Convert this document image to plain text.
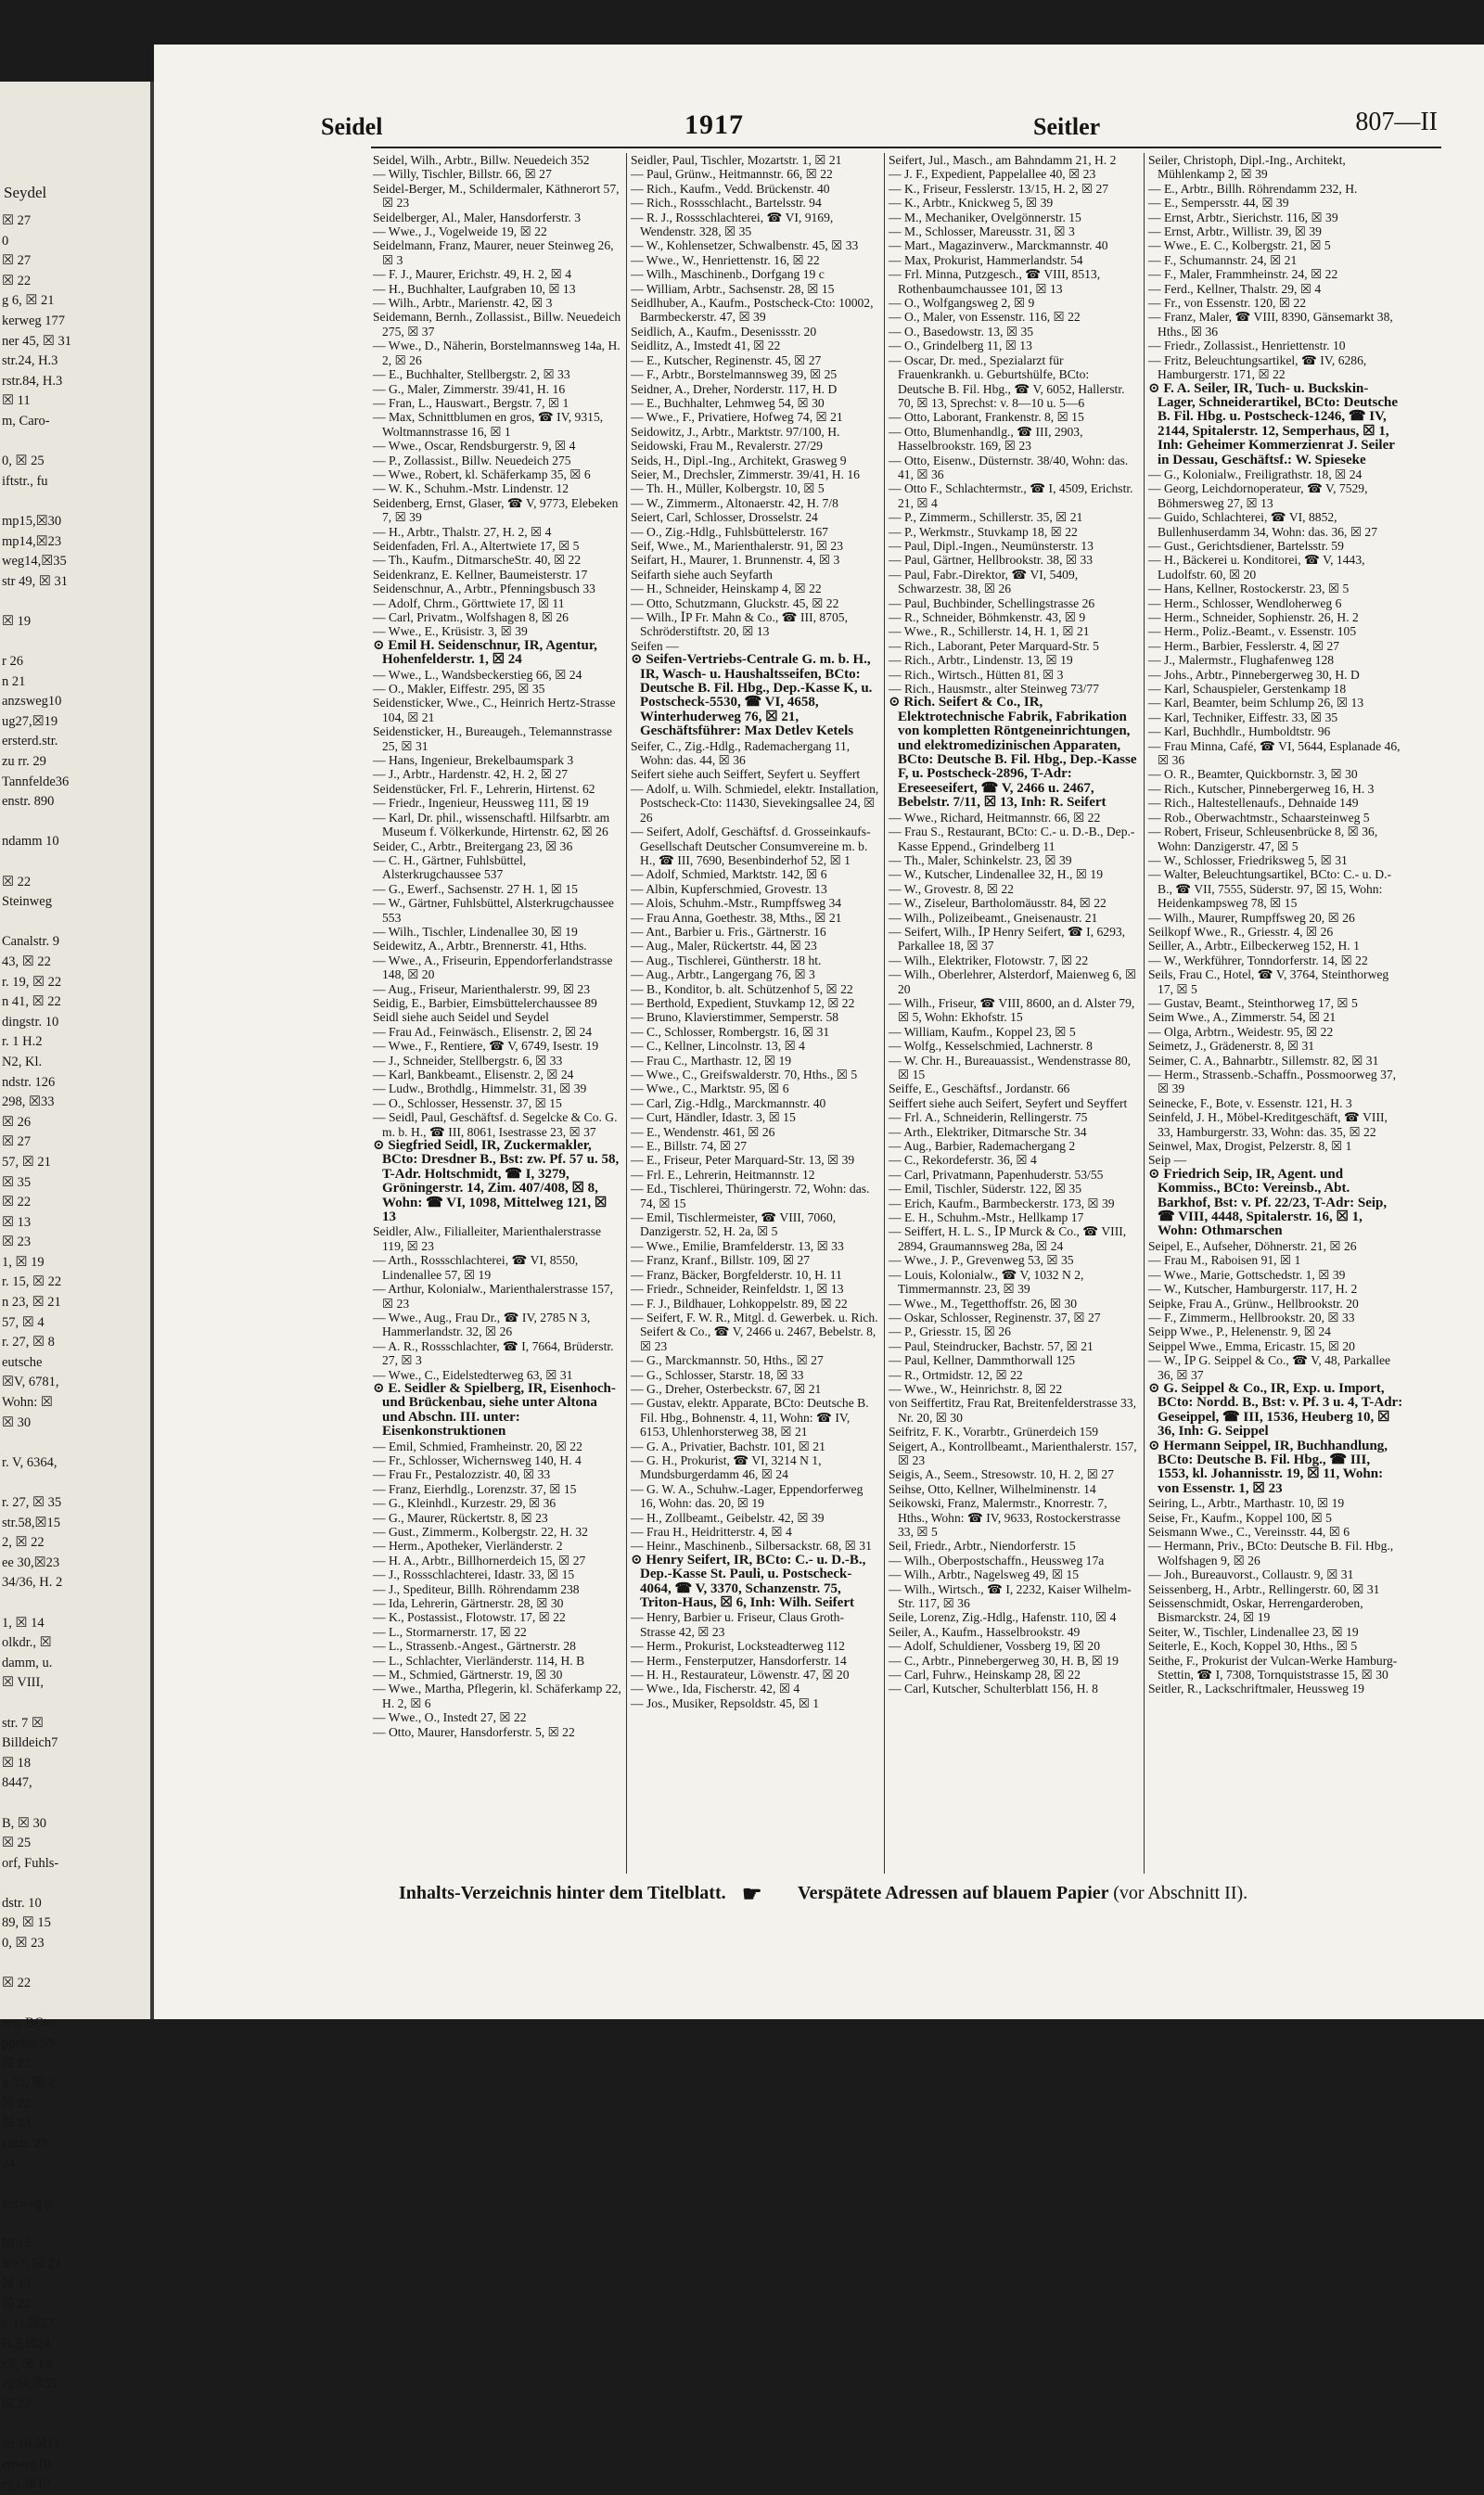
Seydel
☒ 27
0
☒ 27
☒ 22
g 6, ☒ 21
kerweg 177
ner 45, ☒ 31
str.24, H.3
rstr.84, H.3
☒ 11
m, Caro-

0, ☒ 25
iftstr., fu

mp15,☒30
mp14,☒23
weg14,☒35
str 49, ☒ 31

☒ 19

r 26
n 21
anzsweg10
ug27,☒19
ersterd.str.
zu rr. 29
Tannfelde36
enstr. 890

ndamm 10

☒ 22
Steinweg

Canalstr. 9
43, ☒ 22
r. 19, ☒ 22
n 41, ☒ 22
dingstr. 10
r. 1 H.2
N2, Kl.
ndstr. 126
298, ☒33
☒ 26
☒ 27
57, ☒ 21
☒ 35
☒ 22
☒ 13
☒ 23
1, ☒ 19
r. 15, ☒ 22
n 23, ☒ 21
57, ☒ 4
r. 27, ☒ 8
eutsche
☒V, 6781,
Wohn: ☒
☒ 30

r. V, 6364,

r. 27, ☒ 35
str.58,☒15
2, ☒ 22
ee 30,☒23
34/36, H. 2

1, ☒ 14
olkdr., ☒
damm, u.
☒ VIII,

str. 7 ☒
Billdeich7
☒ 18
8447,

B, ☒ 30
☒ 25
orf, Fuhls-

dstr. 10
89, ☒ 15
0, ☒ 23

☒ 22

ner, BCto:
ppelstr.59
☒ 22
n 33, ☒ 2
☒ 22
☒ 23
enstr. 23
24

kerweg 9

☒ 15
5/17, ☒ 21
☒ 13
☒ 22
r. 11,☒27
H.5,☒24
r.5, ☒ 19
eg24,☒35
☒ 22

str.16,☒11
enweg10
eg1,☒19
Seidel	1917	Seitler	807—II

Seidel, Wilh., Arbtr., Billw. Neuedeich 352

— Willy, Tischler, Billstr. 66, ☒ 27

Seidel-Berger, M., Schildermaler, Käthnerort 57, ☒ 23

Seidelberger, Al., Maler, Hansdorferstr. 3

— Wwe., J., Vogelweide 19, ☒ 22

Seidelmann, Franz, Maurer, neuer Steinweg 26, ☒ 3

— F. J., Maurer, Erichstr. 49, H. 2, ☒ 4

— H., Buchhalter, Laufgraben 10, ☒ 13

— Wilh., Arbtr., Marienstr. 42, ☒ 3

Seidemann, Bernh., Zollassist., Billw. Neuedeich 275, ☒ 37

— Wwe., D., Näherin, Borstelmannsweg 14a, H. 2, ☒ 26

— E., Buchhalter, Stellbergstr. 2, ☒ 33

— G., Maler, Zimmerstr. 39/41, H. 16

— Fran, L., Hauswart., Bergstr. 7, ☒ 1

— Max, Schnittblumen en gros, ☎ IV, 9315, Woltmannstrasse 16, ☒ 1

— Wwe., Oscar, Rendsburgerstr. 9, ☒ 4

— P., Zollassist., Billw. Neuedeich 275

— Wwe., Robert, kl. Schäferkamp 35, ☒ 6

— W. K., Schuhm.-Mstr. Lindenstr. 12

Seidenberg, Ernst, Glaser, ☎ V, 9773, Elebeken 7, ☒ 39

— H., Arbtr., Thalstr. 27, H. 2, ☒ 4

Seidenfaden, Frl. A., Altertwiete 17, ☒ 5

— Th., Kaufm., DitmarscheStr. 40, ☒ 22

Seidenkranz, E. Kellner, Baumeisterstr. 17

Seidenschnur, A., Arbtr., Pfenningsbusch 33

— Adolf, Chrm., Görttwiete 17, ☒ 11

— Carl, Privatm., Wolfshagen 8, ☒ 26

— Wwe., E., Krüsistr. 3, ☒ 39

⊙ Emil H. Seidenschnur, IR, Agentur, Hohenfelderstr. 1, ☒ 24

— Wwe., L., Wandsbeckerstieg 66, ☒ 24

— O., Makler, Eiffestr. 295, ☒ 35

Seidensticker, Wwe., C., Heinrich Hertz-Strasse 104, ☒ 21

Seidensticker, H., Bureaugeh., Telemannstrasse 25, ☒ 31

— Hans, Ingenieur, Brekelbaumspark 3

— J., Arbtr., Hardenstr. 42, H. 2, ☒ 27

Seidenstücker, Frl. F., Lehrerin, Hirtenst. 62

— Friedr., Ingenieur, Heussweg 111, ☒ 19

— Karl, Dr. phil., wissenschaftl. Hilfsarbtr. am Museum f. Völkerkunde, Hirtenstr. 62, ☒ 26

Seider, C., Arbtr., Breitergang 23, ☒ 36

— C. H., Gärtner, Fuhlsbüttel, Alsterkrugchaussee 537

— G., Ewerf., Sachsenstr. 27 H. 1, ☒ 15

— W., Gärtner, Fuhlsbüttel, Alsterkrugchaussee 553

— Wilh., Tischler, Lindenallee 30, ☒ 19

Seidewitz, A., Arbtr., Brennerstr. 41, Hths.

— Wwe., A., Friseurin, Eppendorferlandstrasse 148, ☒ 20

— Aug., Friseur, Marienthalerstr. 99, ☒ 23

Seidig, E., Barbier, Eimsbüttelerchaussee 89

Seidl siehe auch Seidel und Seydel

— Frau Ad., Feinwäsch., Elisenstr. 2, ☒ 24

— Wwe., F., Rentiere, ☎ V, 6749, Isestr. 19

— J., Schneider, Stellbergstr. 6, ☒ 33

— Karl, Bankbeamt., Elisenstr. 2, ☒ 24

— Ludw., Brothdlg., Himmelstr. 31, ☒ 39

— O., Schlosser, Hessenstr. 37, ☒ 15

— Seidl, Paul, Geschäftsf. d. Segelcke & Co. G. m. b. H., ☎ III, 8061, Isestrasse 23, ☒ 37

⊙ Siegfried Seidl, IR, Zuckermakler, BCto: Dresdner B., Bst: zw. Pf. 57 u. 58, T-Adr. Holtschmidt, ☎ I, 3279, Gröningerstr. 14, Zim. 407/408, ☒ 8, Wohn: ☎ VI, 1098, Mittelweg 121, ☒ 13

Seidler, Alw., Filialleiter, Marienthalerstrasse 119, ☒ 23

— Arth., Rossschlachterei, ☎ VI, 8550, Lindenallee 57, ☒ 19

— Arthur, Kolonialw., Marienthalerstrasse 157, ☒ 23

— Wwe., Aug., Frau Dr., ☎ IV, 2785 N 3, Hammerlandstr. 32, ☒ 26

— A. R., Rossschlachter, ☎ I, 7664, Brüderstr. 27, ☒ 3

— Wwe., C., Eidelstedterweg 63, ☒ 31

⊙ E. Seidler & Spielberg, IR, Eisenhoch- und Brückenbau, siehe unter Altona und Abschn. III. unter: Eisenkonstruktionen

— Emil, Schmied, Framheinstr. 20, ☒ 22

— Fr., Schlosser, Wichernsweg 140, H. 4

— Frau Fr., Pestalozzistr. 40, ☒ 33

— Franz, Eierhdlg., Lorenzstr. 37, ☒ 15

— G., Kleinhdl., Kurzestr. 29, ☒ 36

— G., Maurer, Rückertstr. 8, ☒ 23

— Gust., Zimmerm., Kolbergstr. 22, H. 32

— Herm., Apotheker, Vierländerstr. 2

— H. A., Arbtr., Billhornerdeich 15, ☒ 27

— J., Rossschlachterei, Idastr. 33, ☒ 15

— J., Spediteur, Billh. Röhrendamm 238

— Ida, Lehrerin, Gärtnerstr. 28, ☒ 30

— K., Postassist., Flotowstr. 17, ☒ 22

— L., Stormarnerstr. 17, ☒ 22

— L., Strassenb.-Angest., Gärtnerstr. 28

— L., Schlachter, Vierländerstr. 114, H. B

— M., Schmied, Gärtnerstr. 19, ☒ 30

— Wwe., Martha, Pflegerin, kl. Schäferkamp 22, H. 2, ☒ 6

— Wwe., O., Instedt 27, ☒ 22

— Otto, Maurer, Hansdorferstr. 5, ☒ 22

Seidler, Paul, Tischler, Mozartstr. 1, ☒ 21

— Paul, Grünw., Heitmannstr. 66, ☒ 22

— Rich., Kaufm., Vedd. Brückenstr. 40

— Rich., Rossschlacht., Bartelsstr. 94

— R. J., Rossschlachterei, ☎ VI, 9169, Wendenstr. 328, ☒ 35

— W., Kohlensetzer, Schwalbenstr. 45, ☒ 33

— Wwe., W., Henriettenstr. 16, ☒ 22

— Wilh., Maschinenb., Dorfgang 19 c

— William, Arbtr., Sachsenstr. 28, ☒ 15

Seidlhuber, A., Kaufm., Postscheck-Cto: 10002, Barmbeckerstr. 47, ☒ 39

Seidlich, A., Kaufm., Desenissstr. 20

Seidlitz, A., Imstedt 41, ☒ 22

— E., Kutscher, Reginenstr. 45, ☒ 27

— F., Arbtr., Borstelmannsweg 39, ☒ 25

Seidner, A., Dreher, Norderstr. 117, H. D

— E., Buchhalter, Lehmweg 54, ☒ 30

— Wwe., F., Privatiere, Hofweg 74, ☒ 21

Seidowitz, J., Arbtr., Marktstr. 97/100, H.

Seidowski, Frau M., Revalerstr. 27/29

Seids, H., Dipl.-Ing., Architekt, Grasweg 9

Seier, M., Drechsler, Zimmerstr. 39/41, H. 16

— Th. H., Müller, Kolbergstr. 10, ☒ 5

— W., Zimmerm., Altonaerstr. 42, H. 7/8

Seiert, Carl, Schlosser, Drosselstr. 24

— O., Zig.-Hdlg., Fuhlsbüttelerstr. 167

Seif, Wwe., M., Marienthalerstr. 91, ☒ 23

Seifart, H., Maurer, 1. Brunnenstr. 4, ☒ 3

Seifarth siehe auch Seyfarth

— H., Schneider, Heinskamp 4, ☒ 22

— Otto, Schutzmann, Gluckstr. 45, ☒ 22

— Wilh., ⅠP Fr. Mahn & Co., ☎ III, 8705, Schröderstiftstr. 20, ☒ 13

Seifen —

⊙ Seifen-Vertriebs-Centrale G. m. b. H., IR, Wasch- u. Haushaltsseifen, BCto: Deutsche B. Fil. Hbg., Dep.-Kasse K, u. Postscheck-5530, ☎ VI, 4658, Winterhuderweg 76, ☒ 21, Geschäftsführer: Max Detlev Ketels

Seifer, C., Zig.-Hdlg., Rademachergang 11, Wohn: das. 44, ☒ 36

Seifert siehe auch Seiffert, Seyfert u. Seyffert

— Adolf, u. Wilh. Schmiedel, elektr. Installation, Postscheck-Cto: 11430, Sievekingsallee 24, ☒ 26

— Seifert, Adolf, Geschäftsf. d. Grosseinkaufs-Gesellschaft Deutscher Consumvereine m. b. H., ☎ III, 7690, Besenbinderhof 52, ☒ 1

— Adolf, Schmied, Marktstr. 142, ☒ 6

— Albin, Kupferschmied, Grovestr. 13

— Alois, Schuhm.-Mstr., Rumpffsweg 34

— Frau Anna, Goethestr. 38, Mths., ☒ 21

— Ant., Barbier u. Fris., Gärtnerstr. 16

— Aug., Maler, Rückertstr. 44, ☒ 23

— Aug., Tischlerei, Güntherstr. 18 ht.

— Aug., Arbtr., Langergang 76, ☒ 3

— B., Konditor, b. alt. Schützenhof 5, ☒ 22

— Berthold, Expedient, Stuvkamp 12, ☒ 22

— Bruno, Klavierstimmer, Semperstr. 58

— C., Schlosser, Rombergstr. 16, ☒ 31

— C., Kellner, Lincolnstr. 13, ☒ 4

— Frau C., Marthastr. 12, ☒ 19

— Wwe., C., Greifswalderstr. 70, Hths., ☒ 5

— Wwe., C., Marktstr. 95, ☒ 6

— Carl, Zig.-Hdlg., Marckmannstr. 40

— Curt, Händler, Idastr. 3, ☒ 15

— E., Wendenstr. 461, ☒ 26

— E., Billstr. 74, ☒ 27

— E., Friseur, Peter Marquard-Str. 13, ☒ 39

— Frl. E., Lehrerin, Heitmannstr. 12

— Ed., Tischlerei, Thüringerstr. 72, Wohn: das. 74, ☒ 15

— Emil, Tischlermeister, ☎ VIII, 7060, Danzigerstr. 52, H. 2a, ☒ 5

— Wwe., Emilie, Bramfelderstr. 13, ☒ 33

— Franz, Kranf., Billstr. 109, ☒ 27

— Franz, Bäcker, Borgfelderstr. 10, H. 11

— Friedr., Schneider, Reinfeldstr. 1, ☒ 13

— F. J., Bildhauer, Lohkoppelstr. 89, ☒ 22

— Seifert, F. W. R., Mitgl. d. Gewerbek. u. Rich. Seifert & Co., ☎ V, 2466 u. 2467, Bebelstr. 8, ☒ 23

— G., Marckmannstr. 50, Hths., ☒ 27

— G., Schlosser, Starstr. 18, ☒ 33

— G., Dreher, Osterbeckstr. 67, ☒ 21

— Gustav, elektr. Apparate, BCto: Deutsche B. Fil. Hbg., Bohnenstr. 4, 11, Wohn: ☎ IV, 6153, Uhlenhorsterweg 38, ☒ 21

— G. A., Privatier, Bachstr. 101, ☒ 21

— G. H., Prokurist, ☎ VI, 3214 N 1, Mundsburgerdamm 46, ☒ 24

— G. W. A., Schuhw.-Lager, Eppendorferweg 16, Wohn: das. 20, ☒ 19

— H., Zollbeamt., Geibelstr. 42, ☒ 39

— Frau H., Heidritterstr. 4, ☒ 4

— Heinr., Maschinenb., Silbersackstr. 68, ☒ 31

⊙ Henry Seifert, IR, BCto: C.- u. D.-B., Dep.-Kasse St. Pauli, u. Postscheck-4064, ☎ V, 3370, Schanzenstr. 75, Triton-Haus, ☒ 6, Inh: Wilh. Seifert

— Henry, Barbier u. Friseur, Claus Groth-Strasse 42, ☒ 23

— Herm., Prokurist, Locksteadterweg 112

— Herm., Fensterputzer, Hansdorferstr. 14

— H. H., Restaurateur, Löwenstr. 47, ☒ 20

— Wwe., Ida, Fischerstr. 42, ☒ 4

— Jos., Musiker, Repsoldstr. 45, ☒ 1

Seifert, Jul., Masch., am Bahndamm 21, H. 2

— J. F., Expedient, Pappelallee 40, ☒ 23

— K., Friseur, Fesslerstr. 13/15, H. 2, ☒ 27

— K., Arbtr., Knickweg 5, ☒ 39

— M., Mechaniker, Ovelgönnerstr. 15

— M., Schlosser, Mareusstr. 31, ☒ 3

— Mart., Magazinverw., Marckmannstr. 40

— Max, Prokurist, Hammerlandstr. 54

— Frl. Minna, Putzgesch., ☎ VIII, 8513, Rothenbaumchaussee 101, ☒ 13

— O., Wolfgangsweg 2, ☒ 9

— O., Maler, von Essenstr. 116, ☒ 22

— O., Basedowstr. 13, ☒ 35

— O., Grindelberg 11, ☒ 13

— Oscar, Dr. med., Spezialarzt für Frauenkrankh. u. Geburtshülfe, BCto: Deutsche B. Fil. Hbg., ☎ V, 6052, Hallerstr. 70, ☒ 13, Sprechst: v. 8—10 u. 5—6

— Otto, Laborant, Frankenstr. 8, ☒ 15

— Otto, Blumenhandlg., ☎ III, 2903, Hasselbrookstr. 169, ☒ 23

— Otto, Eisenw., Düsternstr. 38/40, Wohn: das. 41, ☒ 36

— Otto F., Schlachtermstr., ☎ I, 4509, Erichstr. 21, ☒ 4

— P., Zimmerm., Schillerstr. 35, ☒ 21

— P., Werkmstr., Stuvkamp 18, ☒ 22

— Paul, Dipl.-Ingen., Neumünsterstr. 13

— Paul, Gärtner, Hellbrookstr. 38, ☒ 33

— Paul, Fabr.-Direktor, ☎ VI, 5409, Schwarzestr. 38, ☒ 26

— Paul, Buchbinder, Schellingstrasse 26

— R., Schneider, Böhmkenstr. 43, ☒ 9

— Wwe., R., Schillerstr. 14, H. 1, ☒ 21

— Rich., Laborant, Peter Marquard-Str. 5

— Rich., Arbtr., Lindenstr. 13, ☒ 19

— Rich., Wirtsch., Hütten 81, ☒ 3

— Rich., Hausmstr., alter Steinweg 73/77

⊙ Rich. Seifert & Co., IR, Elektrotechnische Fabrik, Fabrikation von kompletten Röntgeneinrichtungen, und elektromedizinischen Apparaten, BCto: Deutsche B. Fil. Hbg., Dep.-Kasse F, u. Postscheck-2896, T-Adr: Ereseeseifert, ☎ V, 2466 u. 2467, Bebelstr. 7/11, ☒ 13, Inh: R. Seifert

— Wwe., Richard, Heitmannstr. 66, ☒ 22

— Frau S., Restaurant, BCto: C.- u. D.-B., Dep.-Kasse Eppend., Grindelberg 11

— Th., Maler, Schinkelstr. 23, ☒ 39

— W., Kutscher, Lindenallee 32, H., ☒ 19

— W., Grovestr. 8, ☒ 22

— W., Ziseleur, Bartholomäusstr. 84, ☒ 22

— Wilh., Polizeibeamt., Gneisenaustr. 21

— Seifert, Wilh., ⅠP Henry Seifert, ☎ I, 6293, Parkallee 18, ☒ 37

— Wilh., Elektriker, Flotowstr. 7, ☒ 22

— Wilh., Oberlehrer, Alsterdorf, Maienweg 6, ☒ 20

— Wilh., Friseur, ☎ VIII, 8600, an d. Alster 79, ☒ 5, Wohn: Ekhofstr. 15

— William, Kaufm., Koppel 23, ☒ 5

— Wolfg., Kesselschmied, Lachnerstr. 8

— W. Chr. H., Bureauassist., Wendenstrasse 80, ☒ 15

Seiffe, E., Geschäftsf., Jordanstr. 66

Seiffert siehe auch Seifert, Seyfert und Seyffert

— Frl. A., Schneiderin, Rellingerstr. 75

— Arth., Elektriker, Ditmarsche Str. 34

— Aug., Barbier, Rademachergang 2

— C., Rekordeferstr. 36, ☒ 4

— Carl, Privatmann, Papenhuderstr. 53/55

— Emil, Tischler, Süderstr. 122, ☒ 35

— Erich, Kaufm., Barmbeckerstr. 173, ☒ 39

— E. H., Schuhm.-Mstr., Hellkamp 17

— Seiffert, H. L. S., ⅠP Murck & Co., ☎ VIII, 2894, Graumannsweg 28a, ☒ 24

— Wwe., J. P., Grevenweg 53, ☒ 35

— Louis, Kolonialw., ☎ V, 1032 N 2, Timmermannstr. 23, ☒ 39

— Wwe., M., Tegetthoffstr. 26, ☒ 30

— Oskar, Schlosser, Reginenstr. 37, ☒ 27

— P., Griesstr. 15, ☒ 26

— Paul, Steindrucker, Bachstr. 57, ☒ 21

— Paul, Kellner, Dammthorwall 125

— R., Ortmidstr. 12, ☒ 22

— Wwe., W., Heinrichstr. 8, ☒ 22

von Seiffertitz, Frau Rat, Breitenfelderstrasse 33, Nr. 20, ☒ 30

Seifritz, F. K., Vorarbtr., Grünerdeich 159

Seigert, A., Kontrollbeamt., Marienthalerstr. 157, ☒ 23

Seigis, A., Seem., Stresowstr. 10, H. 2, ☒ 27

Seihse, Otto, Kellner, Wilhelminenstr. 14

Seikowski, Franz, Malermstr., Knorrestr. 7, Hths., Wohn: ☎ IV, 9633, Rostockerstrasse 33, ☒ 5

Seil, Friedr., Arbtr., Niendorferstr. 15

— Wilh., Oberpostschaffn., Heussweg 17a

— Wilh., Arbtr., Nagelsweg 49, ☒ 15

— Wilh., Wirtsch., ☎ I, 2232, Kaiser Wilhelm-Str. 117, ☒ 36

Seile, Lorenz, Zig.-Hdlg., Hafenstr. 110, ☒ 4

Seiler, A., Kaufm., Hasselbrookstr. 49

— Adolf, Schuldiener, Vossberg 19, ☒ 20

— C., Arbtr., Pinnebergerweg 30, H. B, ☒ 19

— Carl, Fuhrw., Heinskamp 28, ☒ 22

— Carl, Kutscher, Schulterblatt 156, H. 8

Seiler, Christoph, Dipl.-Ing., Architekt, Mühlenkamp 2, ☒ 39

— E., Arbtr., Billh. Röhrendamm 232, H.

— E., Sempersstr. 44, ☒ 39

— Ernst, Arbtr., Sierichstr. 116, ☒ 39

— Ernst, Arbtr., Willistr. 39, ☒ 39

— Wwe., E. C., Kolbergstr. 21, ☒ 5

— F., Schumannstr. 24, ☒ 21

— F., Maler, Frammheinstr. 24, ☒ 22

— Ferd., Kellner, Thalstr. 29, ☒ 4

— Fr., von Essenstr. 120, ☒ 22

— Franz, Maler, ☎ VIII, 8390, Gänsemarkt 38, Hths., ☒ 36

— Friedr., Zollassist., Henriettenstr. 10

— Fritz, Beleuchtungsartikel, ☎ IV, 6286, Hamburgerstr. 171, ☒ 22

⊙ F. A. Seiler, IR, Tuch- u. Buckskin-Lager, Schneiderartikel, BCto: Deutsche B. Fil. Hbg. u. Postscheck-1246, ☎ IV, 2144, Spitalerstr. 12, Semperhaus, ☒ 1, Inh: Geheimer Kommerzienrat J. Seiler in Dessau, Geschäftsf.: W. Spieseke

— G., Kolonialw., Freiligrathstr. 18, ☒ 24

— Georg, Leichdornoperateur, ☎ V, 7529, Böhmersweg 27, ☒ 13

— Guido, Schlachterei, ☎ VI, 8852, Bullenhuserdamm 34, Wohn: das. 36, ☒ 27

— Gust., Gerichtsdiener, Bartelsstr. 59

— H., Bäckerei u. Konditorei, ☎ V, 1443, Ludolfstr. 60, ☒ 20

— Hans, Kellner, Rostockerstr. 23, ☒ 5

— Herm., Schlosser, Wendloherweg 6

— Herm., Schneider, Sophienstr. 26, H. 2

— Herm., Poliz.-Beamt., v. Essenstr. 105

— Herm., Barbier, Fesslerstr. 4, ☒ 27

— J., Malermstr., Flughafenweg 128

— Johs., Arbtr., Pinnebergerweg 30, H. D

— Karl, Schauspieler, Gerstenkamp 18

— Karl, Beamter, beim Schlump 26, ☒ 13

— Karl, Techniker, Eiffestr. 33, ☒ 35

— Karl, Buchhdlr., Humboldtstr. 96

— Frau Minna, Café, ☎ VI, 5644, Esplanade 46, ☒ 36

— O. R., Beamter, Quickbornstr. 3, ☒ 30

— Rich., Kutscher, Pinnebergerweg 16, H. 3

— Rich., Haltestellenaufs., Dehnaide 149

— Rob., Oberwachtmstr., Schaarsteinweg 5

— Robert, Friseur, Schleusenbrücke 8, ☒ 36, Wohn: Danzigerstr. 47, ☒ 5

— W., Schlosser, Friedriksweg 5, ☒ 31

— Walter, Beleuchtungsartikel, BCto: C.- u. D.-B., ☎ VII, 7555, Süderstr. 97, ☒ 15, Wohn: Heidenkampsweg 78, ☒ 15

— Wilh., Maurer, Rumpffsweg 20, ☒ 26

Seilkopf Wwe., R., Griesstr. 4, ☒ 26

Seiller, A., Arbtr., Eilbeckerweg 152, H. 1

— W., Werkführer, Tonndorferstr. 14, ☒ 22

Seils, Frau C., Hotel, ☎ V, 3764, Steinthorweg 17, ☒ 5

— Gustav, Beamt., Steinthorweg 17, ☒ 5

Seim Wwe., A., Zimmerstr. 54, ☒ 21

— Olga, Arbtrn., Weidestr. 95, ☒ 22

Seimetz, J., Grädenerstr. 8, ☒ 31

Seimer, C. A., Bahnarbtr., Sillemstr. 82, ☒ 31

— Herm., Strassenb.-Schaffn., Possmoorweg 37, ☒ 39

Seinecke, F., Bote, v. Essenstr. 121, H. 3

Seinfeld, J. H., Möbel-Kreditgeschäft, ☎ VIII, 33, Hamburgerstr. 33, Wohn: das. 35, ☒ 22

Seinwel, Max, Drogist, Pelzerstr. 8, ☒ 1

Seip —

⊙ Friedrich Seip, IR, Agent. und Kommiss., BCto: Vereinsb., Abt. Barkhof, Bst: v. Pf. 22/23, T-Adr: Seip, ☎ VIII, 4448, Spitalerstr. 16, ☒ 1, Wohn: Othmarschen

Seipel, E., Aufseher, Döhnerstr. 21, ☒ 26

— Frau M., Raboisen 91, ☒ 1

— Wwe., Marie, Gottschedstr. 1, ☒ 39

— W., Kutscher, Hamburgerstr. 117, H. 2

Seipke, Frau A., Grünw., Hellbrookstr. 20

— F., Zimmerm., Hellbrookstr. 20, ☒ 33

Seipp Wwe., P., Helenenstr. 9, ☒ 24

Seippel Wwe., Emma, Ericastr. 15, ☒ 20

— W., ⅠP G. Seippel & Co., ☎ V, 48, Parkallee 36, ☒ 37

⊙ G. Seippel & Co., IR, Exp. u. Import, BCto: Nordd. B., Bst: v. Pf. 3 u. 4, T-Adr: Geseippel, ☎ III, 1536, Heuberg 10, ☒ 36, Inh: G. Seippel

⊙ Hermann Seippel, IR, Buchhandlung, BCto: Deutsche B. Fil. Hbg., ☎ III, 1553, kl. Johannisstr. 19, ☒ 11, Wohn: von Essenstr. 1, ☒ 23

Seiring, L., Arbtr., Marthastr. 10, ☒ 19

Seise, Fr., Kaufm., Koppel 100, ☒ 5

Seismann Wwe., C., Vereinsstr. 44, ☒ 6

— Hermann, Priv., BCto: Deutsche B. Fil. Hbg., Wolfshagen 9, ☒ 26

— Joh., Bureauvorst., Collaustr. 9, ☒ 31

Seissenberg, H., Arbtr., Rellingerstr. 60, ☒ 31

Seissenschmidt, Oskar, Herrengarderoben, Bismarckstr. 24, ☒ 19

Seiter, W., Tischler, Lindenallee 23, ☒ 19

Seiterle, E., Koch, Koppel 30, Hths., ☒ 5

Seithe, F., Prokurist der Vulcan-Werke Hamburg-Stettin, ☎ I, 7308, Tornquiststrasse 15, ☒ 30

Seitler, R., Lackschriftmaler, Heussweg 19

Inhalts-Verzeichnis hinter dem Titelblatt. ☛ Verspätete Adressen auf blauem Papier (vor Abschnitt II).
